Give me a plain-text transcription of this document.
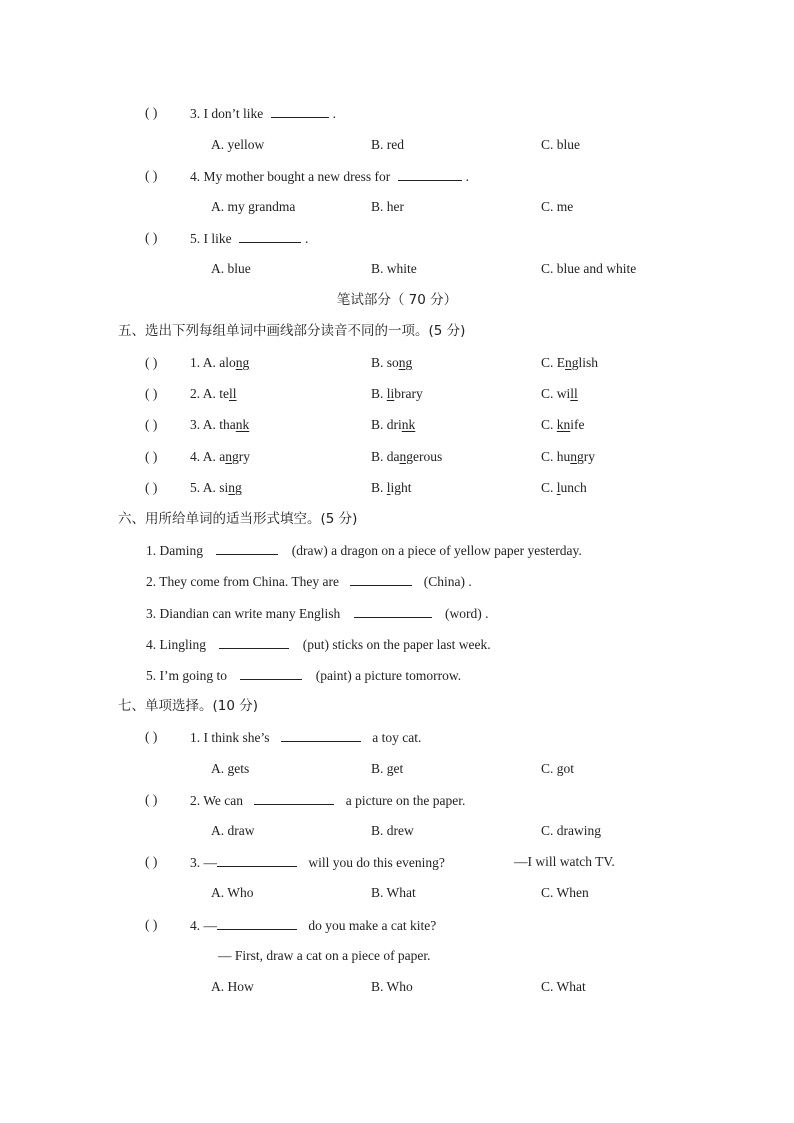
( ) 3. I don’t like	.
A. yellow	B. red	C. blue
( ) 4. My mother bought a new dress for	.
A. my grandma	B. her	C. me
( ) 5. I like	.
A. blue	B. white	C. blue and white
笔试部分（ 70 分）
五、选出下列每组单词中画线部分读音不同的一项。(5 分)
( ) 1. A. along	B. song	C. English
( ) 2. A. tell	B. library	C. will
( ) 3. A. thank	B. drink	C. knife
( ) 4. A. angry	B. dangerous	C. hungry
( ) 5. A. sing	B. light	C. lunch
六、用所给单词的适当形式填空。(5 分)
1. Daming	(draw) a dragon on a piece of yellow paper yesterday.
2. They come from China. They are	(China) .
3. Diandian can write many English	(word) .
4. Lingling	(put) sticks on the paper last week.
5. I’m going to	(paint) a picture tomorrow.
七、单项选择。(10 分)
( ) 1. I think she’s	a toy cat.
A. gets	B. get	C. got
( ) 2. We can	a picture on the paper.
A. draw	B. drew	C. drawing
( ) 3. —	will you do this evening?	—I will watch TV.
A. Who	B. What	C. When
( ) 4. —	do you make a cat kite?
— First, draw a cat on a piece of paper.
A. How	B. Who	C. What
